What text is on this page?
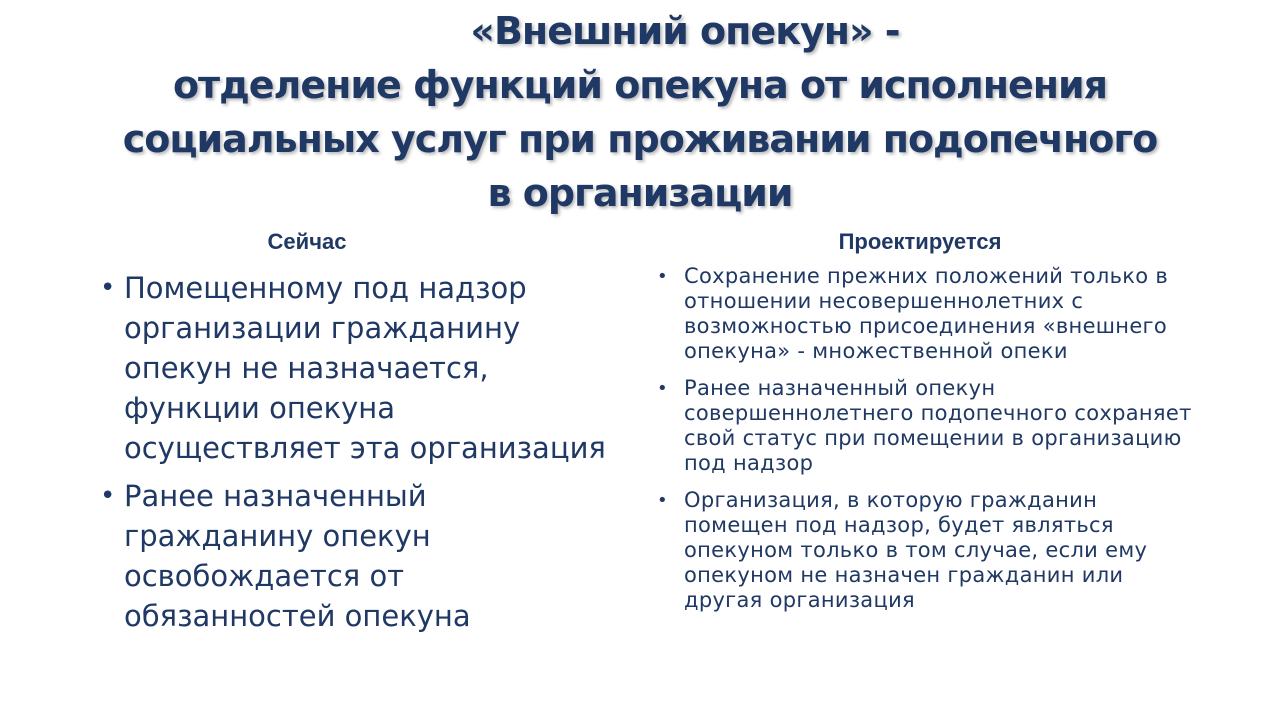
«Внешний опекун» -
отделение функций опекуна от исполнения
социальных услуг при проживании подопечного
в организации
Сейчас	Проектируется
• Помещенному под надзор организации гражданину опекун не назначается, функции опекуна осуществляет эта организация
• Ранее назначенный гражданину опекун освобождается от обязанностей опекуна
• Сохранение прежних положений только в отношении несовершеннолетних с возможностью присоединения «внешнего опекуна» - множественной опеки
• Ранее назначенный опекун совершеннолетнего подопечного сохраняет свой статус при помещении в организацию под надзор
• Организация, в которую гражданин помещен под надзор, будет являться опекуном только в том случае, если ему опекуном не назначен гражданин или другая организация
